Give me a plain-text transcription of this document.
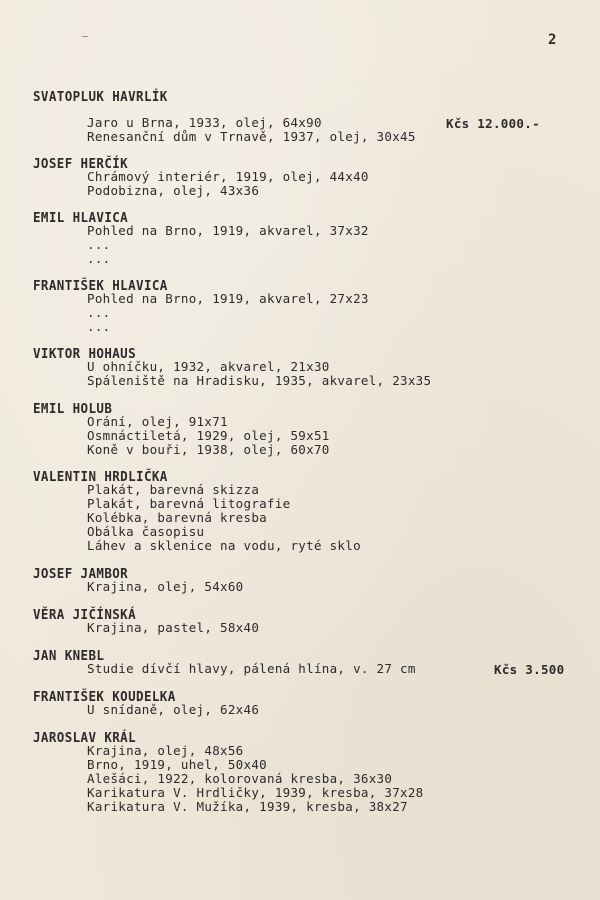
2
SVATOPLUK HAVRLÍK
Jaro u Brna, 1933, olej, 64x90
Renesanční dům v Trnavě, 1937, olej, 30x45
Kčs 12.000.-
JOSEF HERČÍK
Chrámový interiér, 1919, olej, 44x40
Podobizna, olej, 43x36
EMIL HLAVICA
Pohled na Brno, 1919, akvarel, 37x32
...
...
FRANTIŠEK HLAVICA
Pohled na Brno, 1919, akvarel, 27x23
...
...
VIKTOR HOHAUS
U ohníčku, 1932, akvarel, 21x30
Spáleniště na Hradisku, 1935, akvarel, 23x35
EMIL HOLUB
Orání, olej, 91x71
Osmnáctiletá, 1929, olej, 59x51
Koně v bouři, 1938, olej, 60x70
VALENTIN HRDLIČKA
Plakát, barevná skizza
Plakát, barevná litografie
Kolébka, barevná kresba
Obálka časopisu
Láhev a sklenice na vodu, ryté sklo
JOSEF JAMBOR
Krajina, olej, 54x60
VĚRA JIČÍNSKÁ
Krajina, pastel, 58x40
JAN KNEBL
Studie dívčí hlavy, pálená hlína, v. 27 cm	Kčs 3.500
FRANTIŠEK KOUDELKA
U snídaně, olej, 62x46
JAROSLAV KRÁL
Krajina, olej, 48x56
Brno, 1919, uhel, 50x40
Alešáci, 1922, kolorovaná kresba, 36x30
Karikatura V. Hrdličky, 1939, kresba, 37x28
Karikatura V. Mužíka, 1939, kresba, 38x27
